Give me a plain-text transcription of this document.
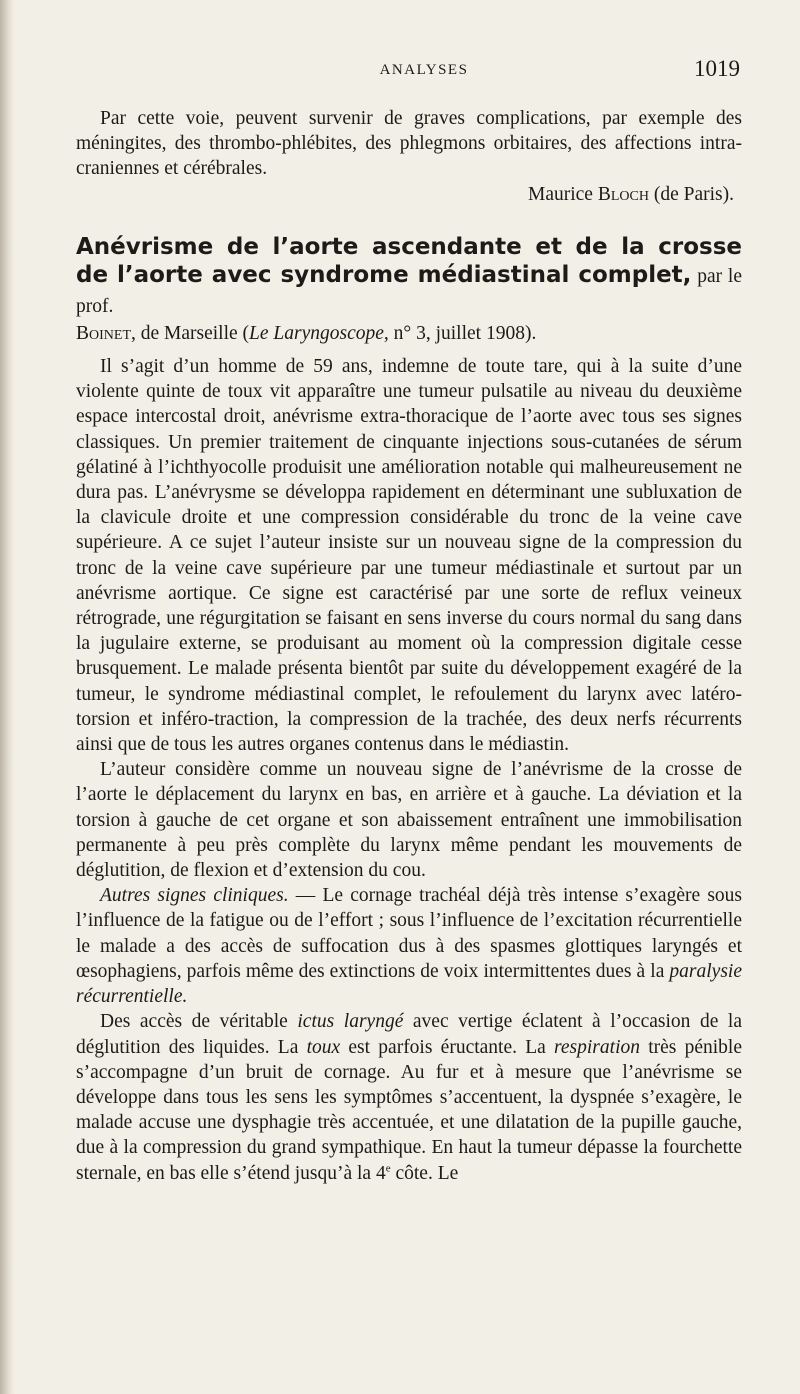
ANALYSES	1019

Par cette voie, peuvent survenir de graves complications, par exemple des méningites, des thrombo-phlébites, des phlegmons orbitaires, des affections intra-craniennes et cérébrales.

Maurice Bloch (de Paris).

Anévrisme de l’aorte ascendante et de la crosse de l’aorte avec syndrome médiastinal complet, par le prof.

Boinet, de Marseille (Le Laryngoscope, n° 3, juillet 1908).

Il s’agit d’un homme de 59 ans, indemne de toute tare, qui à la suite d’une violente quinte de toux vit apparaître une tumeur pulsatile au niveau du deuxième espace intercostal droit, anévrisme extra-thoracique de l’aorte avec tous ses signes classiques. Un premier traitement de cinquante injections sous-cutanées de sérum gélatiné à l’ichthyocolle produisit une amélioration notable qui malheureusement ne dura pas. L’anévrysme se développa rapidement en déterminant une subluxation de la clavicule droite et une compression considérable du tronc de la veine cave supérieure. A ce sujet l’auteur insiste sur un nouveau signe de la compression du tronc de la veine cave supérieure par une tumeur médiastinale et surtout par un anévrisme aortique. Ce signe est caractérisé par une sorte de reflux veineux rétrograde, une régurgitation se faisant en sens inverse du cours normal du sang dans la jugulaire externe, se produisant au moment où la compression digitale cesse brusquement. Le malade présenta bientôt par suite du développement exagéré de la tumeur, le syndrome médiastinal complet, le refoulement du larynx avec latéro-torsion et inféro-traction, la compression de la trachée, des deux nerfs récurrents ainsi que de tous les autres organes contenus dans le médiastin.

L’auteur considère comme un nouveau signe de l’anévrisme de la crosse de l’aorte le déplacement du larynx en bas, en arrière et à gauche. La déviation et la torsion à gauche de cet organe et son abaissement entraînent une immobilisation permanente à peu près complète du larynx même pendant les mouvements de déglutition, de flexion et d’extension du cou.

Autres signes cliniques. — Le cornage trachéal déjà très intense s’exagère sous l’influence de la fatigue ou de l’effort ; sous l’influence de l’excitation récurrentielle le malade a des accès de suffocation dus à des spasmes glottiques laryngés et œsophagiens, parfois même des extinctions de voix intermittentes dues à la paralysie récurrentielle.

Des accès de véritable ictus laryngé avec vertige éclatent à l’occasion de la déglutition des liquides. La toux est parfois éructante. La respiration très pénible s’accompagne d’un bruit de cornage. Au fur et à mesure que l’anévrisme se développe dans tous les sens les symptômes s’accentuent, la dyspnée s’exagère, le malade accuse une dysphagie très accentuée, et une dilatation de la pupille gauche, due à la compression du grand sympathique. En haut la tumeur dépasse la fourchette sternale, en bas elle s’étend jusqu’à la 4e côte. Le
